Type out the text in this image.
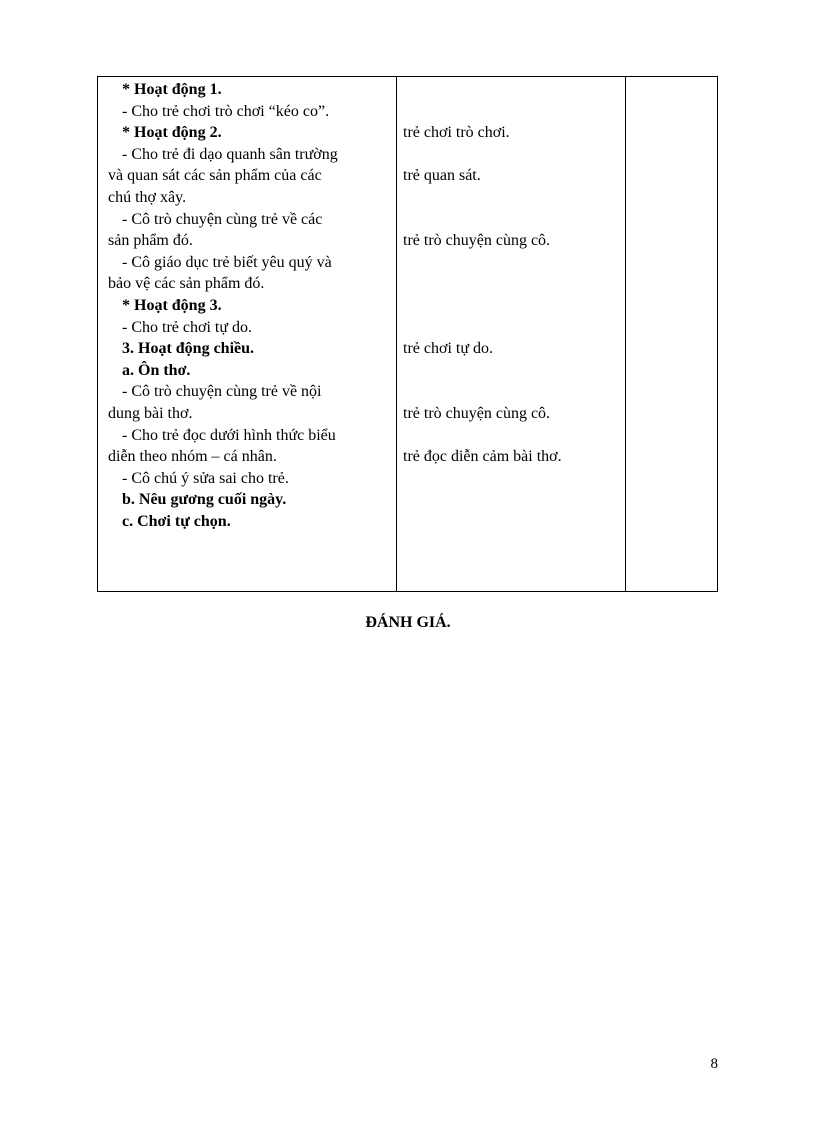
* Hoạt động 1.
- Cho trẻ chơi trò chơi “kéo co”.
* Hoạt động 2.
- Cho trẻ đi dạo quanh sân trường
và quan sát các sản phẩm của các
chú thợ xây.
- Cô trò chuyện cùng trẻ về các
sản phẩm đó.
- Cô giáo dục trẻ biết yêu quý và
bảo vệ các sản phẩm đó.
* Hoạt động 3.
- Cho trẻ chơi tự do.
3. Hoạt động chiều.
a. Ôn thơ.
- Cô trò chuyện cùng trẻ về nội
dung bài thơ.
- Cho trẻ đọc dưới hình thức biểu
diễn theo nhóm – cá nhân.
- Cô chú ý sửa sai cho trẻ.
b. Nêu gương cuối ngày.
c. Chơi tự chọn.
trẻ chơi trò chơi.
trẻ quan sát.
trẻ trò chuyện cùng cô.
trẻ chơi tự do.
trẻ trò chuyện cùng cô.
trẻ đọc diễn cảm bài thơ.
ĐÁNH GIÁ.
8
